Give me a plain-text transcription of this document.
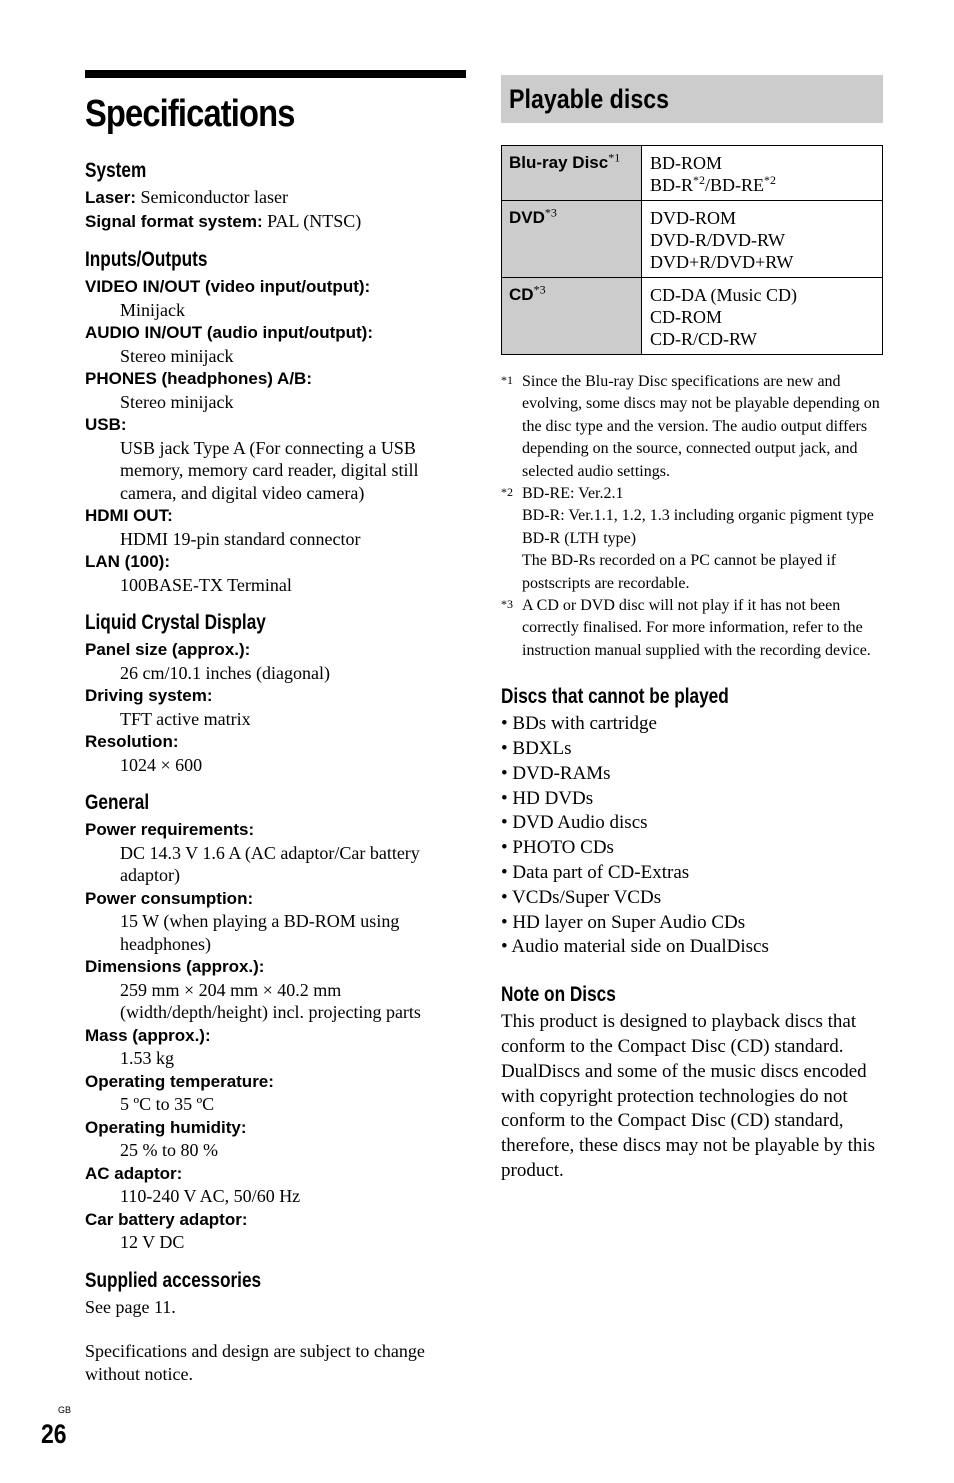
Specifications
System
Laser: Semiconductor laser
Signal format system: PAL (NTSC)
Inputs/Outputs
VIDEO IN/OUT (video input/output):
Minijack
AUDIO IN/OUT (audio input/output):
Stereo minijack
PHONES (headphones) A/B:
Stereo minijack
USB:
USB jack Type A (For connecting a USB memory, memory card reader, digital still camera, and digital video camera)
HDMI OUT:
HDMI 19-pin standard connector
LAN (100):
100BASE-TX Terminal
Liquid Crystal Display
Panel size (approx.):
26 cm/10.1 inches (diagonal)
Driving system:
TFT active matrix
Resolution:
1024 × 600
General
Power requirements:
DC 14.3 V 1.6 A (AC adaptor/Car battery adaptor)
Power consumption:
15 W (when playing a BD-ROM using headphones)
Dimensions (approx.):
259 mm × 204 mm × 40.2 mm (width/depth/height) incl. projecting parts
Mass (approx.):
1.53 kg
Operating temperature:
5 ºC to 35 ºC
Operating humidity:
25 % to 80 %
AC adaptor:
110-240 V AC, 50/60 Hz
Car battery adaptor:
12 V DC
Supplied accessories
See page 11.
Specifications and design are subject to change without notice.
Playable discs
Blu-ray Disc$^{*1}$	BD-ROM
$BD-R^{*2}/BD-RE^{*2}$

DVD$^{*3}$	DVD-ROM
DVD-R/DVD-RW
DVD+R/DVD+RW

CD$^{*3}$	CD-DA (Music CD)
CD-ROM
CD-R/CD-RW
*1 Since the Blu-ray Disc specifications are new and evolving, some discs may not be playable depending on the disc type and the version. The audio output differs depending on the source, connected output jack, and selected audio settings.
*2 BD-RE: Ver.2.1
BD-R: Ver.1.1, 1.2, 1.3 including organic pigment type BD-R (LTH type)
The BD-Rs recorded on a PC cannot be played if postscripts are recordable.
*3 A CD or DVD disc will not play if it has not been correctly finalised. For more information, refer to the instruction manual supplied with the recording device.
Discs that cannot be played
• BDs with cartridge
• BDXLs
• DVD-RAMs
• HD DVDs
• DVD Audio discs
• PHOTO CDs
• Data part of CD-Extras
• VCDs/Super VCDs
• HD layer on Super Audio CDs
• Audio material side on DualDiscs
Note on Discs
This product is designed to playback discs that conform to the Compact Disc (CD) standard. DualDiscs and some of the music discs encoded with copyright protection technologies do not conform to the Compact Disc (CD) standard, therefore, these discs may not be playable by this product.
GB
26
